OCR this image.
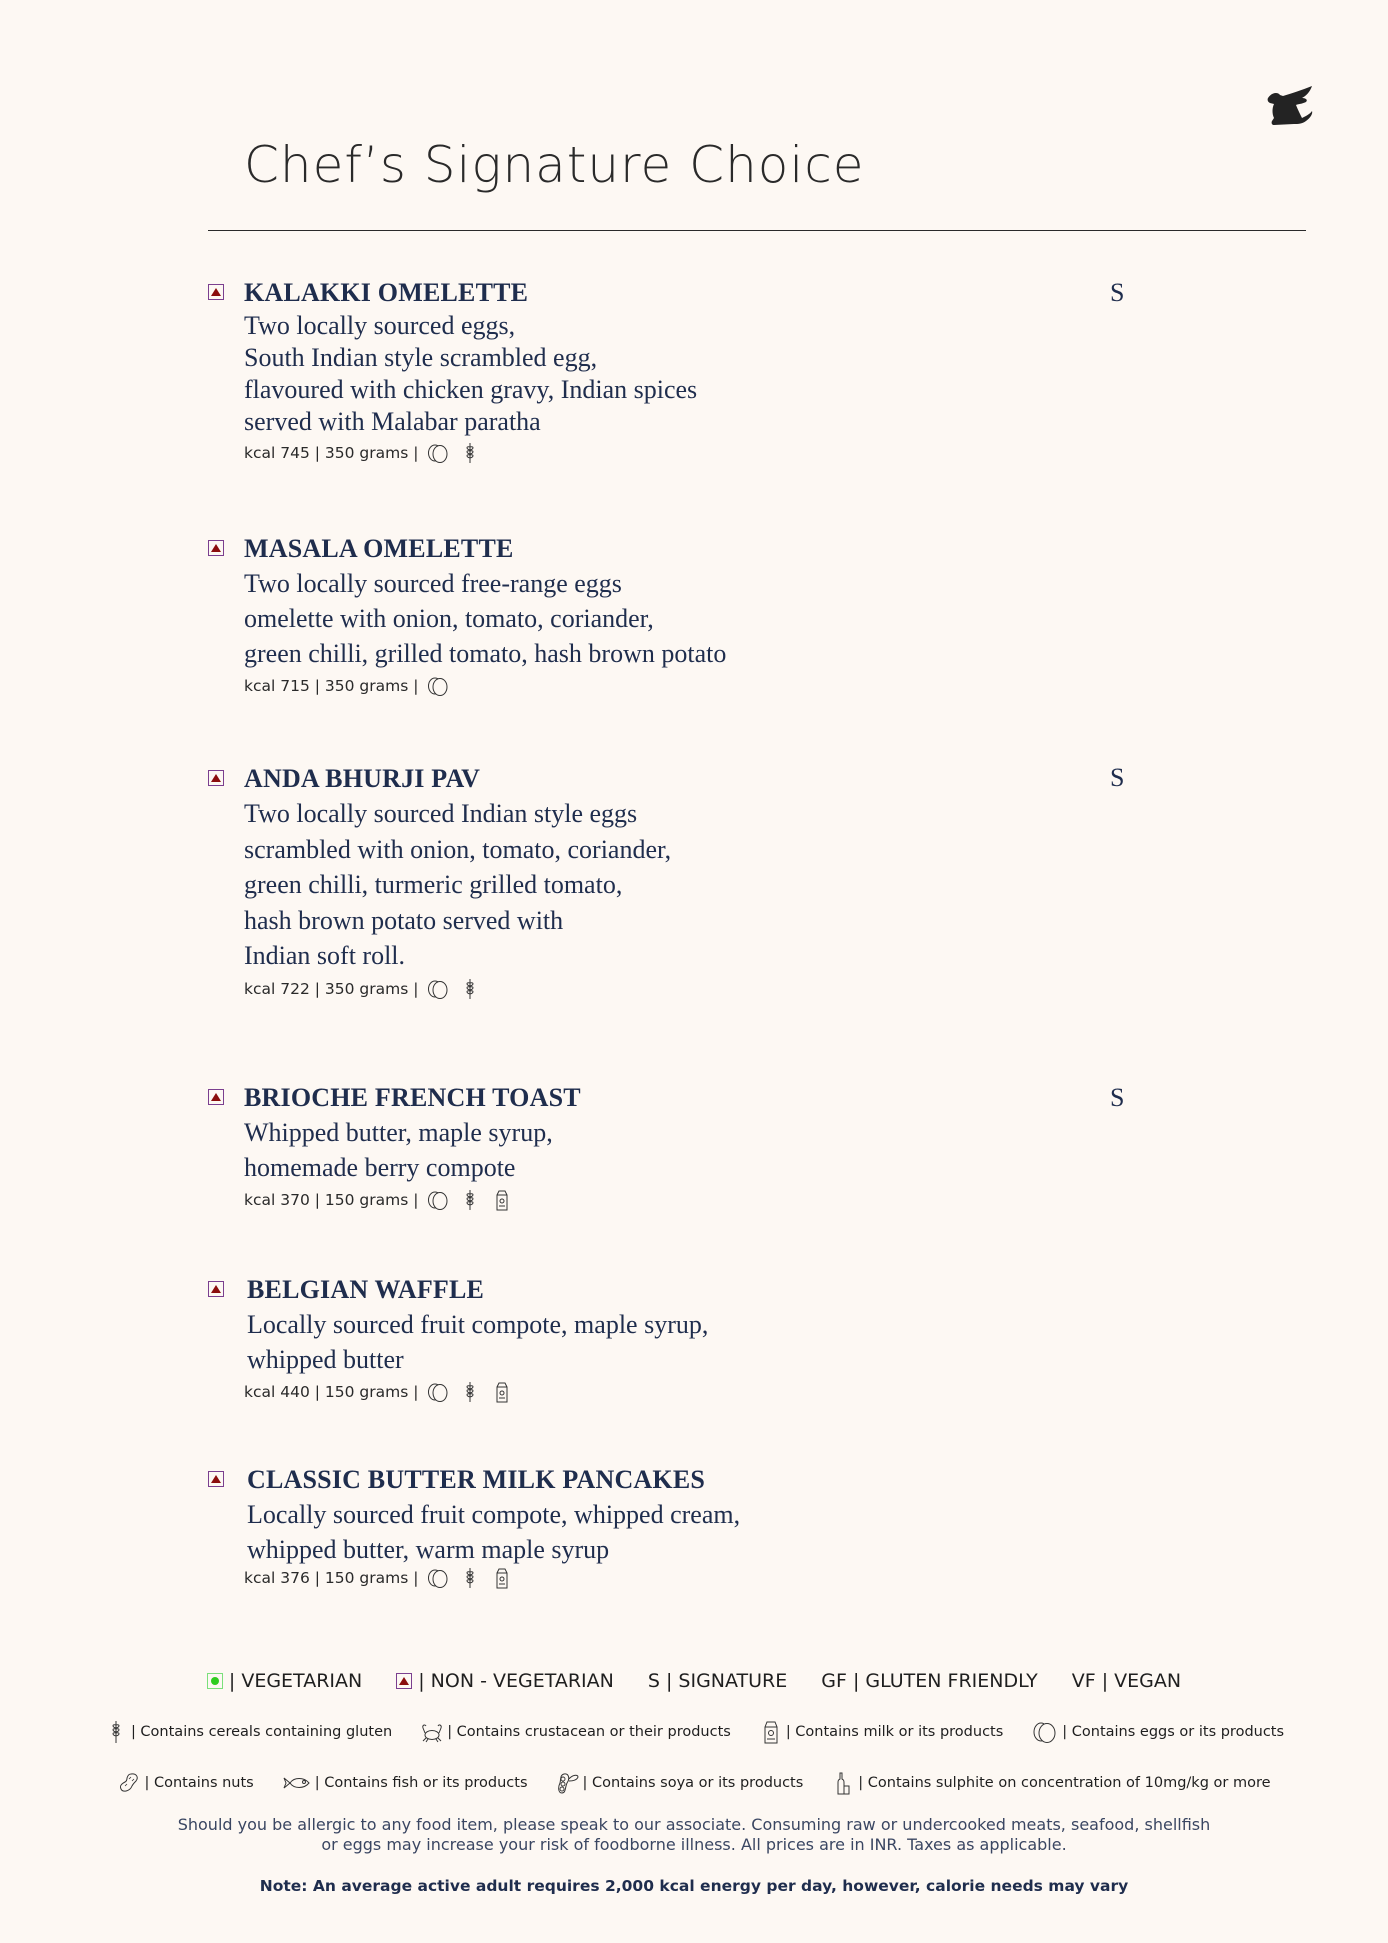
Chef’s Signature Choice
KALAKKI OMELETTE
Two locally sourced eggs,
South Indian style scrambled egg,
flavoured with chicken gravy, Indian spices
served with Malabar paratha
kcal 745 | 350 grams |
S
MASALA OMELETTE
Two locally sourced free-range eggs
omelette with onion, tomato, coriander,
green chilli, grilled tomato, hash brown potato
kcal 715 | 350 grams |
ANDA BHURJI PAV
Two locally sourced Indian style eggs
scrambled with onion, tomato, coriander,
green chilli, turmeric grilled tomato,
hash brown potato served with
Indian soft roll.
kcal 722 | 350 grams |
S
BRIOCHE FRENCH TOAST
Whipped butter, maple syrup,
homemade berry compote
kcal 370 | 150 grams |
S
BELGIAN WAFFLE
Locally sourced fruit compote, maple syrup,
whipped butter
kcal 440 | 150 grams |
CLASSIC BUTTER MILK PANCAKES
Locally sourced fruit compote, whipped cream,
whipped butter, warm maple syrup
kcal 376 | 150 grams |
| VEGETARIAN	| NON - VEGETARIAN S | SIGNATURE GF | GLUTEN FRIENDLY VF | VEGAN
| Contains cereals containing gluten	| Contains crustacean or their products	| Contains milk or its products	| Contains eggs or its products
| Contains nuts	| Contains fish or its products	| Contains soya or its products	| Contains sulphite on concentration of 10mg/kg or more
Should you be allergic to any food item, please speak to our associate. Consuming raw or undercooked meats, seafood, shellfish
or eggs may increase your risk of foodborne illness. All prices are in INR. Taxes as applicable.
Note: An average active adult requires 2,000 kcal energy per day, however, calorie needs may vary
